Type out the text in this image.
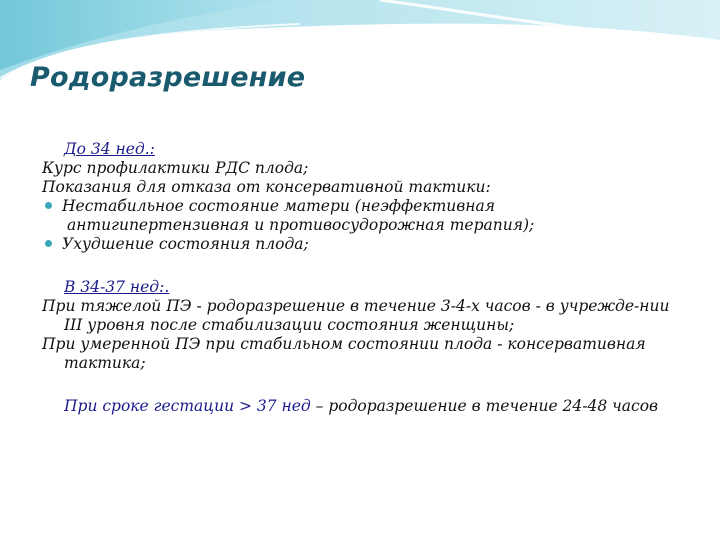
Родоразрешение

До 34 нед.:

Курс профилактики РДС плода;

Показания для отказа от консервативной тактики:

Нестабильное состояние матери (неэффективная антигипертензивная и противосудорожная терапия);

Ухудшение состояния плода;

В 34-37 нед:.

При тяжелой ПЭ - родоразрешение в течение 3-4-х часов - в учрежде-нии III уровня после стабилизации состояния женщины;

При умеренной ПЭ при стабильном состоянии плода - консервативная тактика;

При сроке гестации > 37 нед – родоразрешение в течение 24-48 часов
